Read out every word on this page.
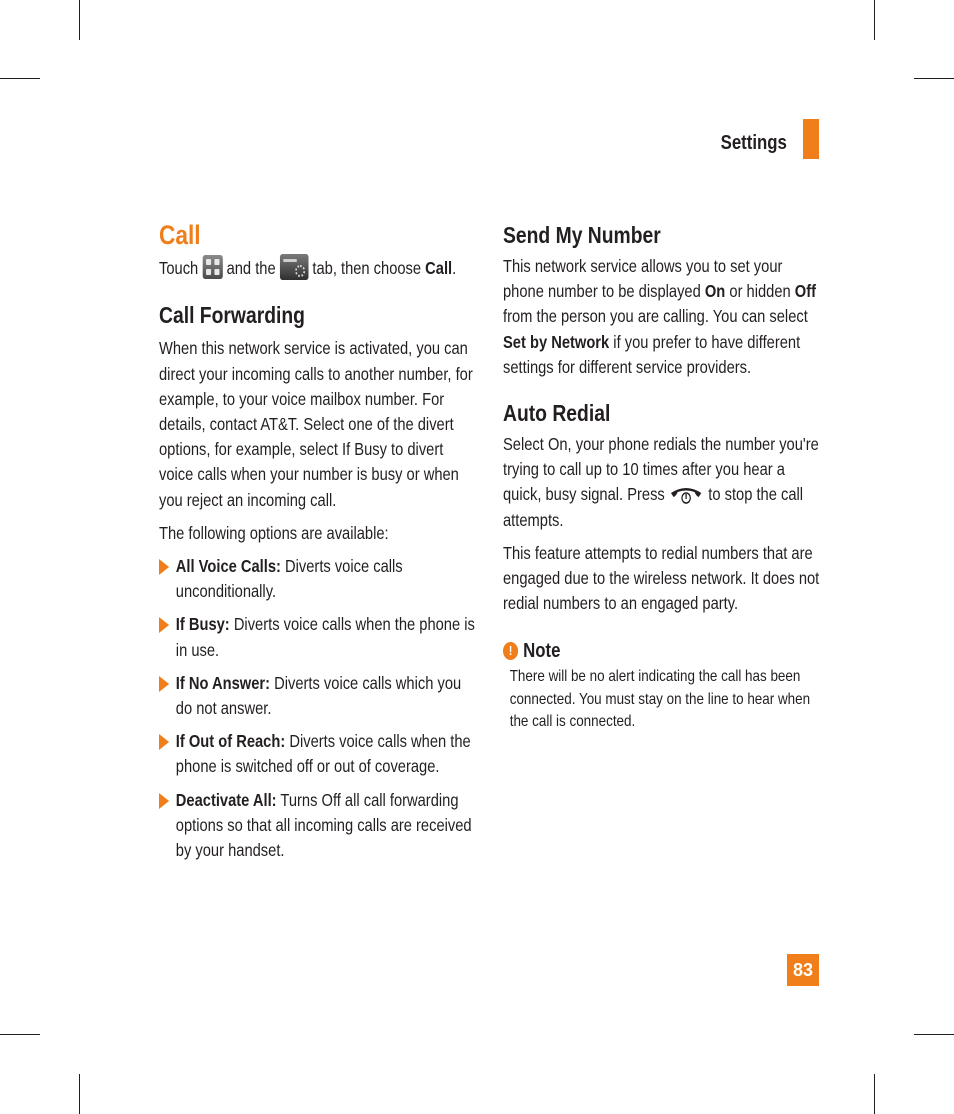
Settings
Call

Touch and the tab, then choose Call.

Call Forwarding

When this network service is activated, you can direct your incoming calls to another number, for example, to your voice mailbox number. For details, contact AT&T. Select one of the divert options, for example, select If Busy to divert voice calls when your number is busy or when you reject an incoming call.

The following options are available:

All Voice Calls: Diverts voice calls unconditionally.

If Busy: Diverts voice calls when the phone is in use.

If No Answer: Diverts voice calls which you do not answer.

If Out of Reach: Diverts voice calls when the phone is switched off or out of coverage.

Deactivate All: Turns Off all call forwarding options so that all incoming calls are received by your handset.

Send My Number

This network service allows you to set your phone number to be displayed On or hidden Off from the person you are calling. You can select Set by Network if you prefer to have different settings for different service providers.

Auto Redial

Select On, your phone redials the number you're trying to call up to 10 times after you hear a quick, busy signal. Press to stop the call attempts.

This feature attempts to redial numbers that are engaged due to the wireless network. It does not redial numbers to an engaged party.

! Note

There will be no alert indicating the call has been connected. You must stay on the line to hear when the call is connected.

83
